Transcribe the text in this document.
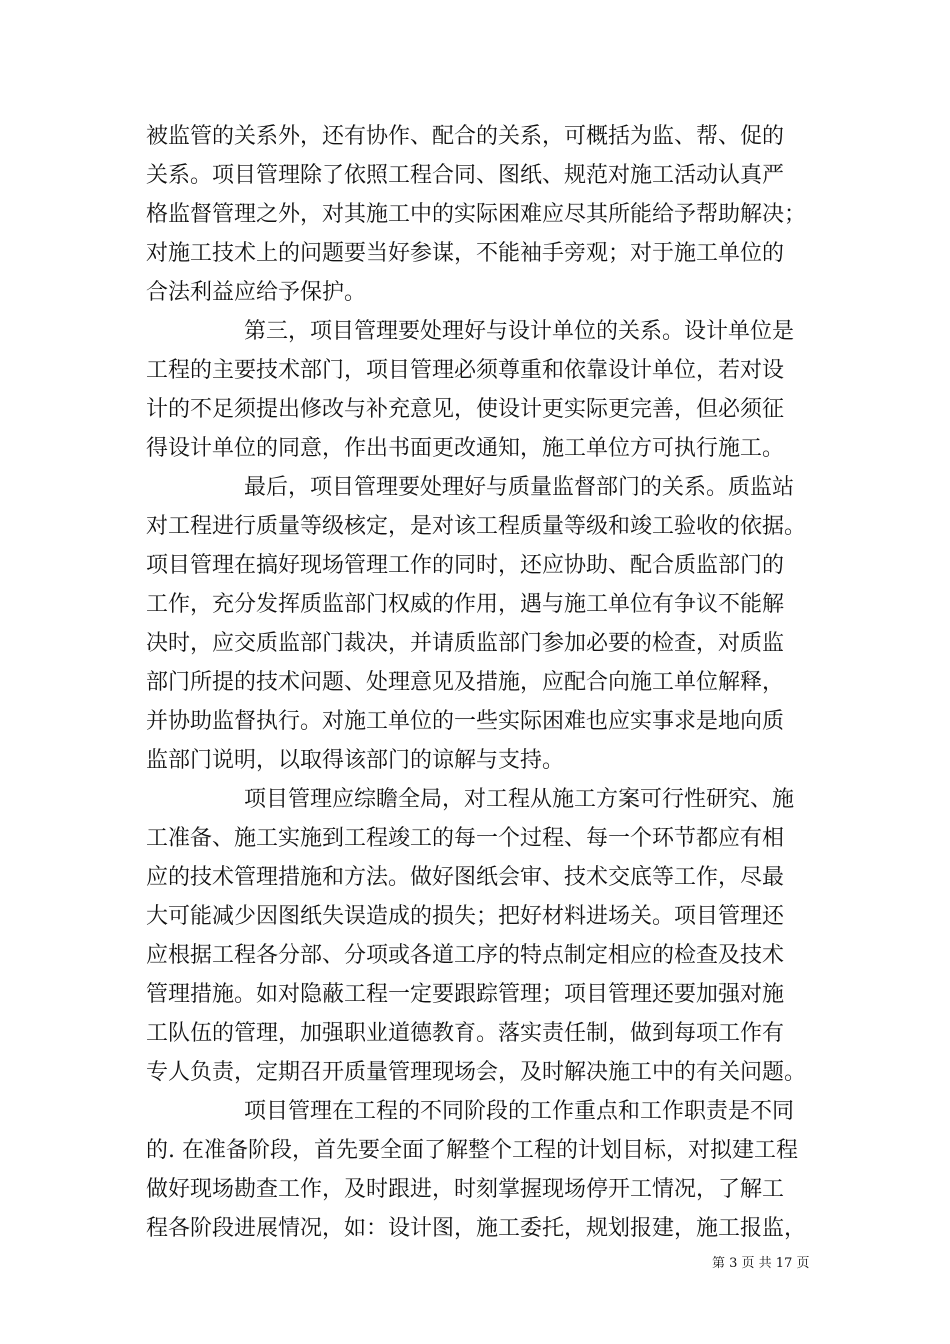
被监管的关系外，还有协作、配合的关系，可概括为监、帮、促的
关系。项目管理除了依照工程合同、图纸、规范对施工活动认真严
格监督管理之外，对其施工中的实际困难应尽其所能给予帮助解决；
对施工技术上的问题要当好参谋，不能袖手旁观；对于施工单位的
合法利益应给予保护。
第三，项目管理要处理好与设计单位的关系。设计单位是
工程的主要技术部门，项目管理必须尊重和依靠设计单位，若对设
计的不足须提出修改与补充意见，使设计更实际更完善，但必须征
得设计单位的同意，作出书面更改通知，施工单位方可执行施工。
最后，项目管理要处理好与质量监督部门的关系。质监站
对工程进行质量等级核定，是对该工程质量等级和竣工验收的依据。
项目管理在搞好现场管理工作的同时，还应协助、配合质监部门的
工作，充分发挥质监部门权威的作用，遇与施工单位有争议不能解
决时，应交质监部门裁决，并请质监部门参加必要的检查，对质监
部门所提的技术问题、处理意见及措施，应配合向施工单位解释，
并协助监督执行。对施工单位的一些实际困难也应实事求是地向质
监部门说明，以取得该部门的谅解与支持。
项目管理应综瞻全局，对工程从施工方案可行性研究、施
工准备、施工实施到工程竣工的每一个过程、每一个环节都应有相
应的技术管理措施和方法。做好图纸会审、技术交底等工作，尽最
大可能减少因图纸失误造成的损失；把好材料进场关。项目管理还
应根据工程各分部、分项或各道工序的特点制定相应的检查及技术
管理措施。如对隐蔽工程一定要跟踪管理；项目管理还要加强对施
工队伍的管理，加强职业道德教育。落实责任制，做到每项工作有
专人负责，定期召开质量管理现场会，及时解决施工中的有关问题。
项目管理在工程的不同阶段的工作重点和工作职责是不同
的. 在准备阶段，首先要全面了解整个工程的计划目标，对拟建工程
做好现场勘查工作，及时跟进，时刻掌握现场停开工情况，了解工
程各阶段进展情况，如：设计图，施工委托，规划报建，施工报监，
第 3 页 共 17 页
